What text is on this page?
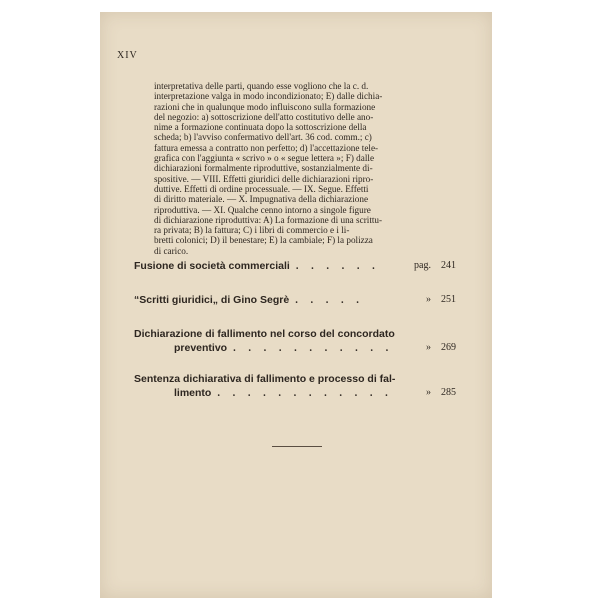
XIV

interpretativa delle parti, quando esse vogliono che la c. d.
interpretazione valga in modo incondizionato; E) dalle dichia-
razioni che in qualunque modo influiscono sulla formazione
del negozio: a) sottoscrizione dell'atto costitutivo delle ano-
nime a formazione continuata dopo la sottoscrizione della
scheda; b) l'avviso confermativo dell'art. 36 cod. comm.; c)
fattura emessa a contratto non perfetto; d) l'accettazione tele-
grafica con l'aggiunta « scrivo » o « segue lettera »; F) dalle
dichiarazioni formalmente riproduttive, sostanzialmente di-
spositive. — VIII. Effetti giuridici delle dichiarazioni ripro-
duttive. Effetti di ordine processuale. — IX. Segue. Effetti
di diritto materiale. — X. Impugnativa della dichiarazione
riproduttiva. — XI. Qualche cenno intorno a singole figure
di dichiarazione riproduttiva: A) La formazione di una scrittu-
ra privata; B) la fattura; C) i libri di commercio e i li-
bretti colonici; D) il benestare; E) la cambiale; F) la polizza
di carico.

pag. 241
Fusione di società commerciali . . . . . .
» 251
“Scritti giuridici„ di Gino Segrè . . . . .
Dichiarazione di fallimento nel corso del concordato
» 269
preventivo . . . . . . . . . . .
Sentenza dichiarativa di fallimento e processo di fal-
» 285
limento . . . . . . . . . . . .
